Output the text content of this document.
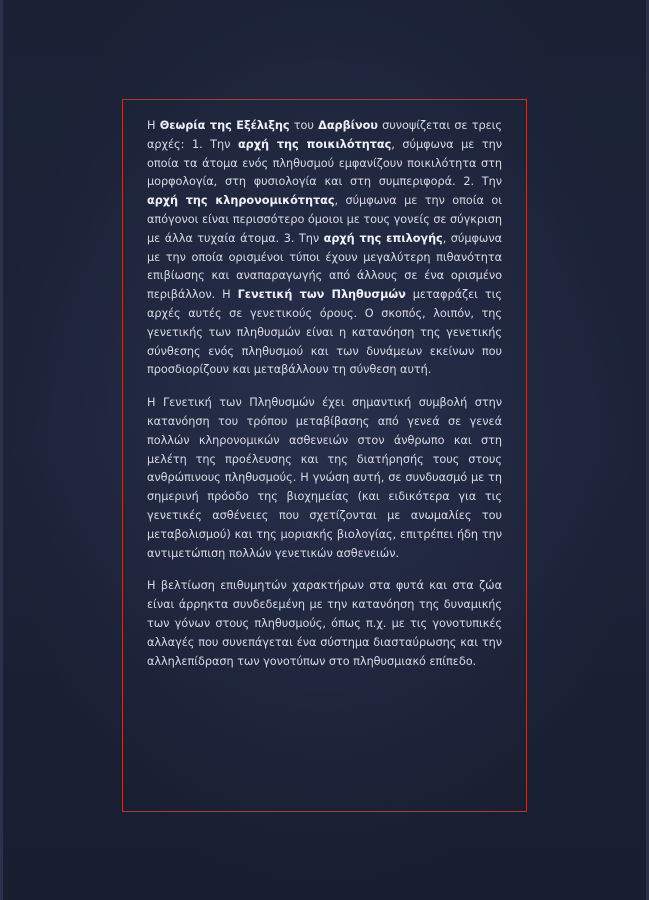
Η Θεωρία της Εξέλιξης του Δαρβίνου συνοψίζεται σε τρεις αρχές: 1. Την αρχή της ποικιλότητας, σύμφωνα με την οποία τα άτομα ενός πληθυσμού εμφανίζουν ποικιλότητα στη μορφολογία, στη φυσιολογία και στη συμπεριφορά. 2. Την αρχή της κληρονομικότητας, σύμφωνα με την οποία οι απόγονοι είναι περισσότερο όμοιοι με τους γονείς σε σύγκριση με άλλα τυχαία άτομα. 3. Την αρχή της επιλογής, σύμφωνα με την οποία ορισμένοι τύποι έχουν μεγαλύτερη πιθανότητα επιβίωσης και αναπαραγωγής από άλλους σε ένα ορισμένο περιβάλλον. Η Γενετική των Πληθυσμών μεταφράζει τις αρχές αυτές σε γενετικούς όρους. Ο σκοπός, λοιπόν, της γενετικής των πληθυσμών είναι η κατανόηση της γενετικής σύνθεσης ενός πληθυσμού και των δυνάμεων εκείνων που προσδιορίζουν και μεταβάλλουν τη σύνθεση αυτή.

Η Γενετική των Πληθυσμών έχει σημαντική συμβολή στην κατανόηση του τρόπου μεταβίβασης από γενεά σε γενεά πολλών κληρονομικών ασθενειών στον άνθρωπο και στη μελέτη της προέλευσης και της διατήρησής τους στους ανθρώπινους πληθυσμούς. Η γνώση αυτή, σε συνδυασμό με τη σημερινή πρόοδο της βιοχημείας (και ειδικότερα για τις γενετικές ασθένειες που σχετίζονται με ανωμαλίες του μεταβολισμού) και της μοριακής βιολογίας, επιτρέπει ήδη την αντιμετώπιση πολλών γενετικών ασθενειών.

Η βελτίωση επιθυμητών χαρακτήρων στα φυτά και στα ζώα είναι άρρηκτα συνδεδεμένη με την κατανόηση της δυναμικής των γόνων στους πληθυσμούς, όπως π.χ. με τις γονοτυπικές αλλαγές που συνεπάγεται ένα σύστημα διασταύρωσης και την αλληλεπίδραση των γονοτύπων στο πληθυσμιακό επίπεδο.
